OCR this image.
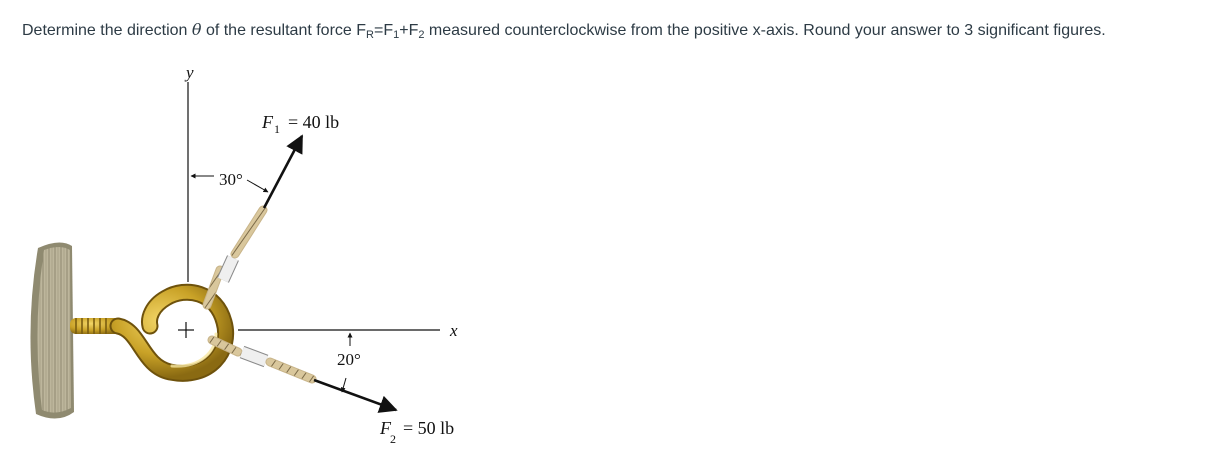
Determine the direction θ of the resultant force $F_R=F_1+F_2$ measured counterclockwise from the positive x-axis. Round your answer to 3 significant figures.
y
x
30°
20°
F 1 = 40 lb
F
2
= 50 lb
